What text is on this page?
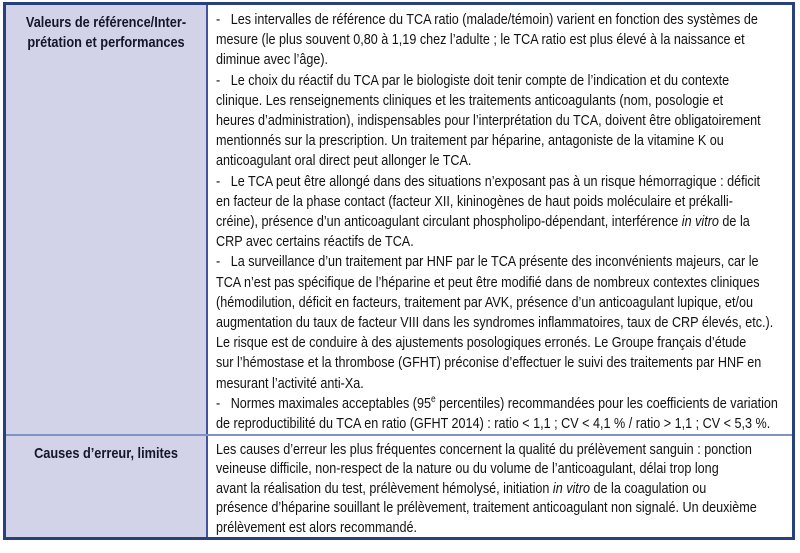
Valeurs de référence/Inter-
prétation et performances
-   Les intervalles de référence du TCA ratio (malade/témoin) varient en fonction des systèmes de
mesure (le plus souvent 0,80 à 1,19 chez l’adulte ; le TCA ratio est plus élevé à la naissance et
diminue avec l’âge).
-   Le choix du réactif du TCA par le biologiste doit tenir compte de l’indication et du contexte
clinique. Les renseignements cliniques et les traitements anticoagulants (nom, posologie et
heures d’administration), indispensables pour l’interprétation du TCA, doivent être obligatoirement
mentionnés sur la prescription. Un traitement par héparine, antagoniste de la vitamine K ou
anticoagulant oral direct peut allonger le TCA.
-   Le TCA peut être allongé dans des situations n’exposant pas à un risque hémorragique : déficit
en facteur de la phase contact (facteur XII, kininogènes de haut poids moléculaire et prékalli-
créine), présence d’un anticoagulant circulant phospholipo-dépendant, interférence in vitro de la
CRP avec certains réactifs de TCA.
-   La surveillance d’un traitement par HNF par le TCA présente des inconvénients majeurs, car le
TCA n’est pas spécifique de l’héparine et peut être modifié dans de nombreux contextes cliniques
(hémodilution, déficit en facteurs, traitement par AVK, présence d’un anticoagulant lupique, et/ou
augmentation du taux de facteur VIII dans les syndromes inflammatoires, taux de CRP élevés, etc.).
Le risque est de conduire à des ajustements posologiques erronés. Le Groupe français d’étude
sur l’hémostase et la thrombose (GFHT) préconise d’effectuer le suivi des traitements par HNF en
mesurant l’activité anti-Xa.
-   Normes maximales acceptables (95e percentiles) recommandées pour les coefficients de variation
de reproductibilité du TCA en ratio (GFHT 2014) : ratio < 1,1 ; CV < 4,1 % / ratio > 1,1 ; CV < 5,3 %.
Causes d’erreur, limites	Les causes d’erreur les plus fréquentes concernent la qualité du prélèvement sanguin : ponction
veineuse difficile, non-respect de la nature ou du volume de l’anticoagulant, délai trop long
avant la réalisation du test, prélèvement hémolysé, initiation in vitro de la coagulation ou
présence d’héparine souillant le prélèvement, traitement anticoagulant non signalé. Un deuxième
prélèvement est alors recommandé.
